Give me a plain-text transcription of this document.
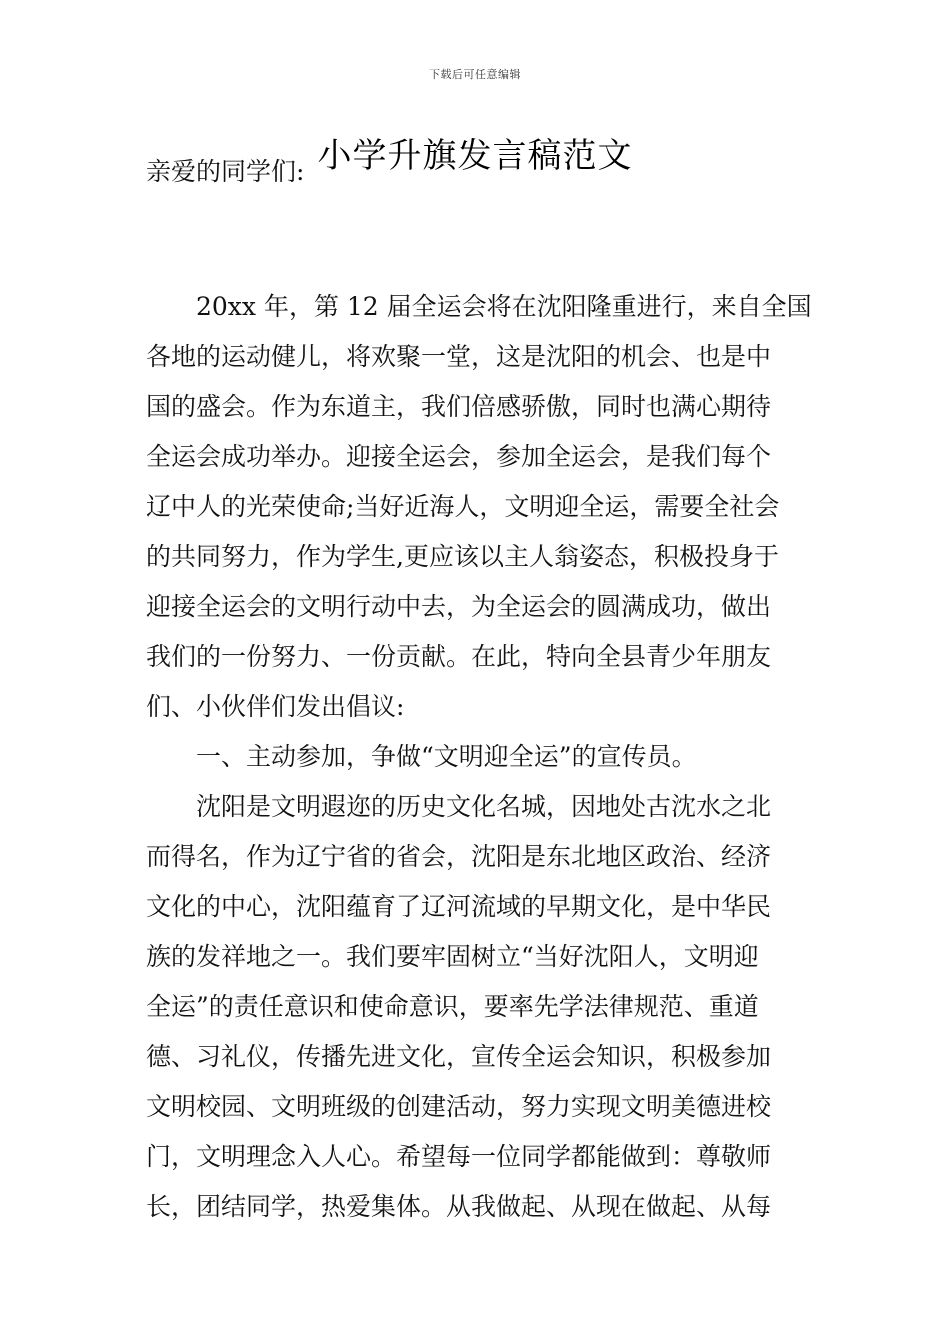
下载后可任意编辑
小学升旗发言稿范文
亲爱的同学们:
　　20xx 年，第 12 届全运会将在沈阳隆重进行，来自全国
各地的运动健儿，将欢聚一堂，这是沈阳的机会、也是中
国的盛会。作为东道主，我们倍感骄傲，同时也满心期待
全运会成功举办。迎接全运会，参加全运会，是我们每个
辽中人的光荣使命;当好近海人，文明迎全运，需要全社会
的共同努力，作为学生,更应该以主人翁姿态，积极投身于
迎接全运会的文明行动中去，为全运会的圆满成功，做出
我们的一份努力、一份贡献。在此，特向全县青少年朋友
们、小伙伴们发出倡议:
　　一、主动参加，争做“文明迎全运”的宣传员。
　　沈阳是文明遐迩的历史文化名城，因地处古沈水之北
而得名，作为辽宁省的省会，沈阳是东北地区政治、经济
文化的中心，沈阳蕴育了辽河流域的早期文化，是中华民
族的发祥地之一。我们要牢固树立“当好沈阳人，文明迎
全运”的责任意识和使命意识，要率先学法律规范、重道
德、习礼仪，传播先进文化，宣传全运会知识，积极参加
文明校园、文明班级的创建活动，努力实现文明美德进校
门，文明理念入人心。希望每一位同学都能做到：尊敬师
长，团结同学，热爱集体。从我做起、从现在做起、从每
